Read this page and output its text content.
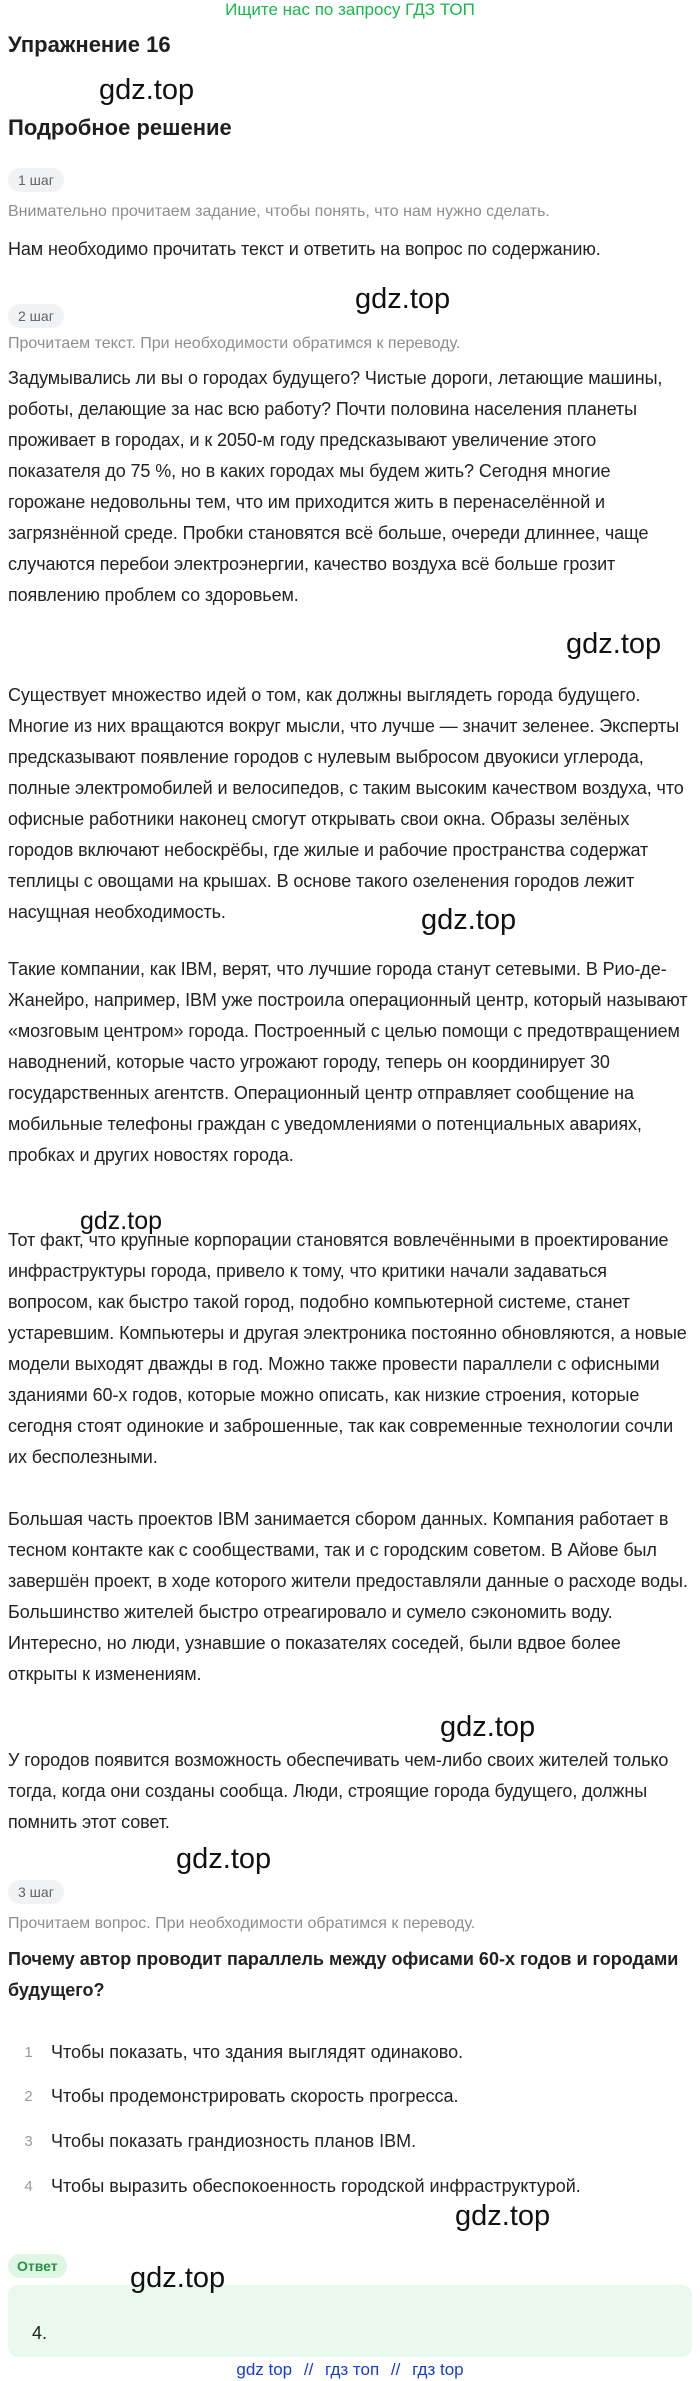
Ищите нас по запросу ГДЗ ТОП
Упражнение 16
gdz.top
Подробное решение
1 шаг

Внимательно прочитаем задание, чтобы понять, что нам нужно сделать.

Нам необходимо прочитать текст и ответить на вопрос по содержанию.

gdz.top
2 шаг

Прочитаем текст. При необходимости обратимся к переводу.

Задумывались ли вы о городах будущего? Чистые дороги, летающие машины, роботы, делающие за нас всю работу? Почти половина населения планеты проживает в городах, и к 2050-м году предсказывают увеличение этого показателя до 75 %, но в каких городах мы будем жить? Сегодня многие горожане недовольны тем, что им приходится жить в перенаселённой и загрязнённой среде. Пробки становятся всё больше, очереди длиннее, чаще случаются перебои электроэнергии, качество воздуха всё больше грозит появлению проблем со здоровьем.

gdz.top

Существует множество идей о том, как должны выглядеть города будущего. Многие из них вращаются вокруг мысли, что лучше — значит зеленее. Эксперты предсказывают появление городов с нулевым выбросом двуокиси углерода, полные электромобилей и велосипедов, с таким высоким качеством воздуха, что офисные работники наконец смогут открывать свои окна. Образы зелёных городов включают небоскрёбы, где жилые и рабочие пространства содержат теплицы с овощами на крышах. В основе такого озеленения городов лежит насущная необходимость.	gdz.top

Такие компании, как IBM, верят, что лучшие города станут сетевыми. В Рио-де-Жанейро, например, IBM уже построила операционный центр, который называют «мозговым центром» города. Построенный с целью помощи с предотвращением наводнений, которые часто угрожают городу, теперь он координирует 30 государственных агентств. Операционный центр отправляет сообщение на мобильные телефоны граждан с уведомлениями о потенциальных авариях, пробках и других новостях города.

gdz.top

Тот факт, что крупные корпорации становятся вовлечёнными в проектирование инфраструктуры города, привело к тому, что критики начали задаваться вопросом, как быстро такой город, подобно компьютерной системе, станет устаревшим. Компьютеры и другая электроника постоянно обновляются, а новые модели выходят дважды в год. Можно также провести параллели с офисными зданиями 60-х годов, которые можно описать, как низкие строения, которые сегодня стоят одинокие и заброшенные, так как современные технологии сочли их бесполезными.

Большая часть проектов IBM занимается сбором данных. Компания работает в тесном контакте как с сообществами, так и с городским советом. В Айове был завершён проект, в ходе которого жители предоставляли данные о расходе воды. Большинство жителей быстро отреагировало и сумело сэкономить воду. Интересно, но люди, узнавшие о показателях соседей, были вдвое более открыты к изменениям.

gdz.top

У городов появится возможность обеспечивать чем-либо своих жителей только тогда, когда они созданы сообща. Люди, строящие города будущего, должны помнить этот совет.

gdz.top
3 шаг

Прочитаем вопрос. При необходимости обратимся к переводу.

Почему автор проводит параллель между офисами 60-х годов и городами будущего?

1	Чтобы показать, что здания выглядят одинаково.
2	Чтобы продемонстрировать скорость прогресса.
3	Чтобы показать грандиозность планов IBM.
4	Чтобы выразить обеспокоенность городской инфраструктурой.
gdz.top
Ответ
4.
gdz.top
gdz top // гдз топ // гдз top
